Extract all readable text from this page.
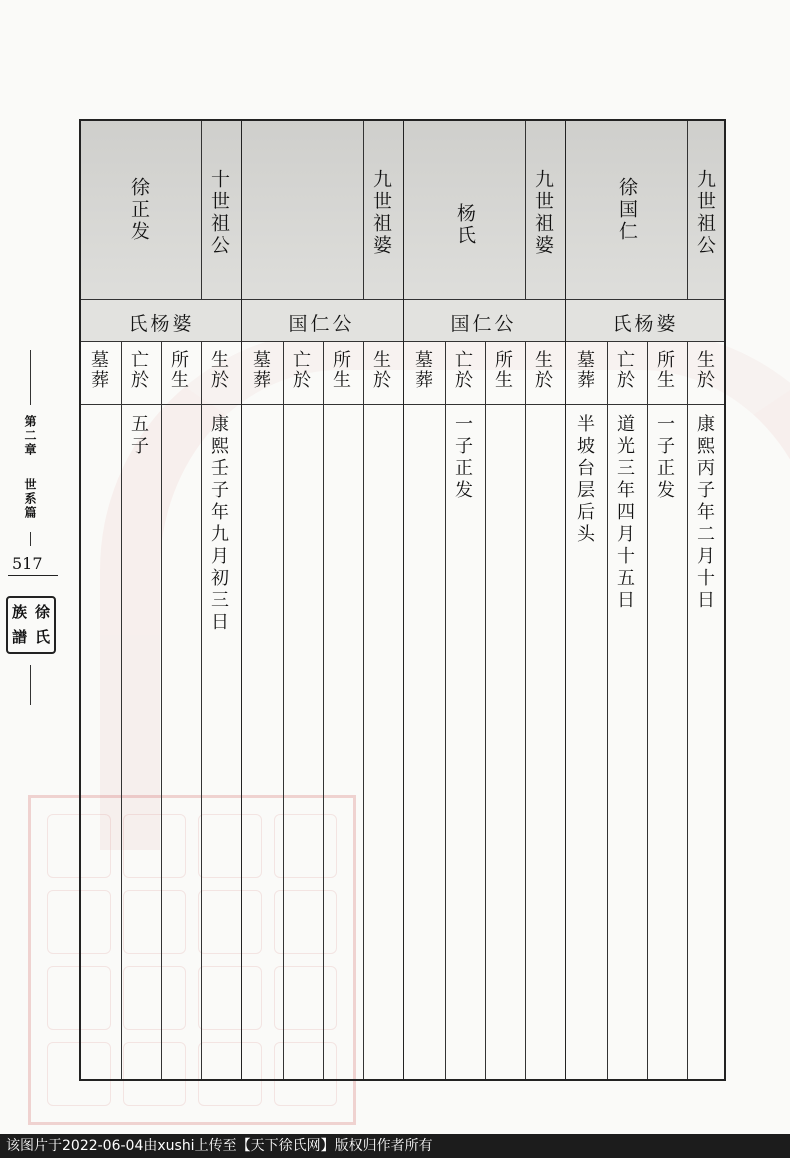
第二章
世系篇
517
徐
氏
族
譜
九世祖公
徐国仁
氏杨婆
生於
所生
亡於
墓葬
康熙丙子年二月十日
一子正发
道光三年四月十五日
半坡台层后头
九世祖婆
杨氏
国仁公
生於
所生
亡於
墓葬
一子正发
九世祖婆
国仁公
生於
所生
亡於
墓葬
十世祖公
徐正发
氏杨婆
生於
所生
亡於
墓葬
康熙壬子年九月初三日
五子
该图片于2022-06-04由xushi上传至【天下徐氏网】版权归作者所有
